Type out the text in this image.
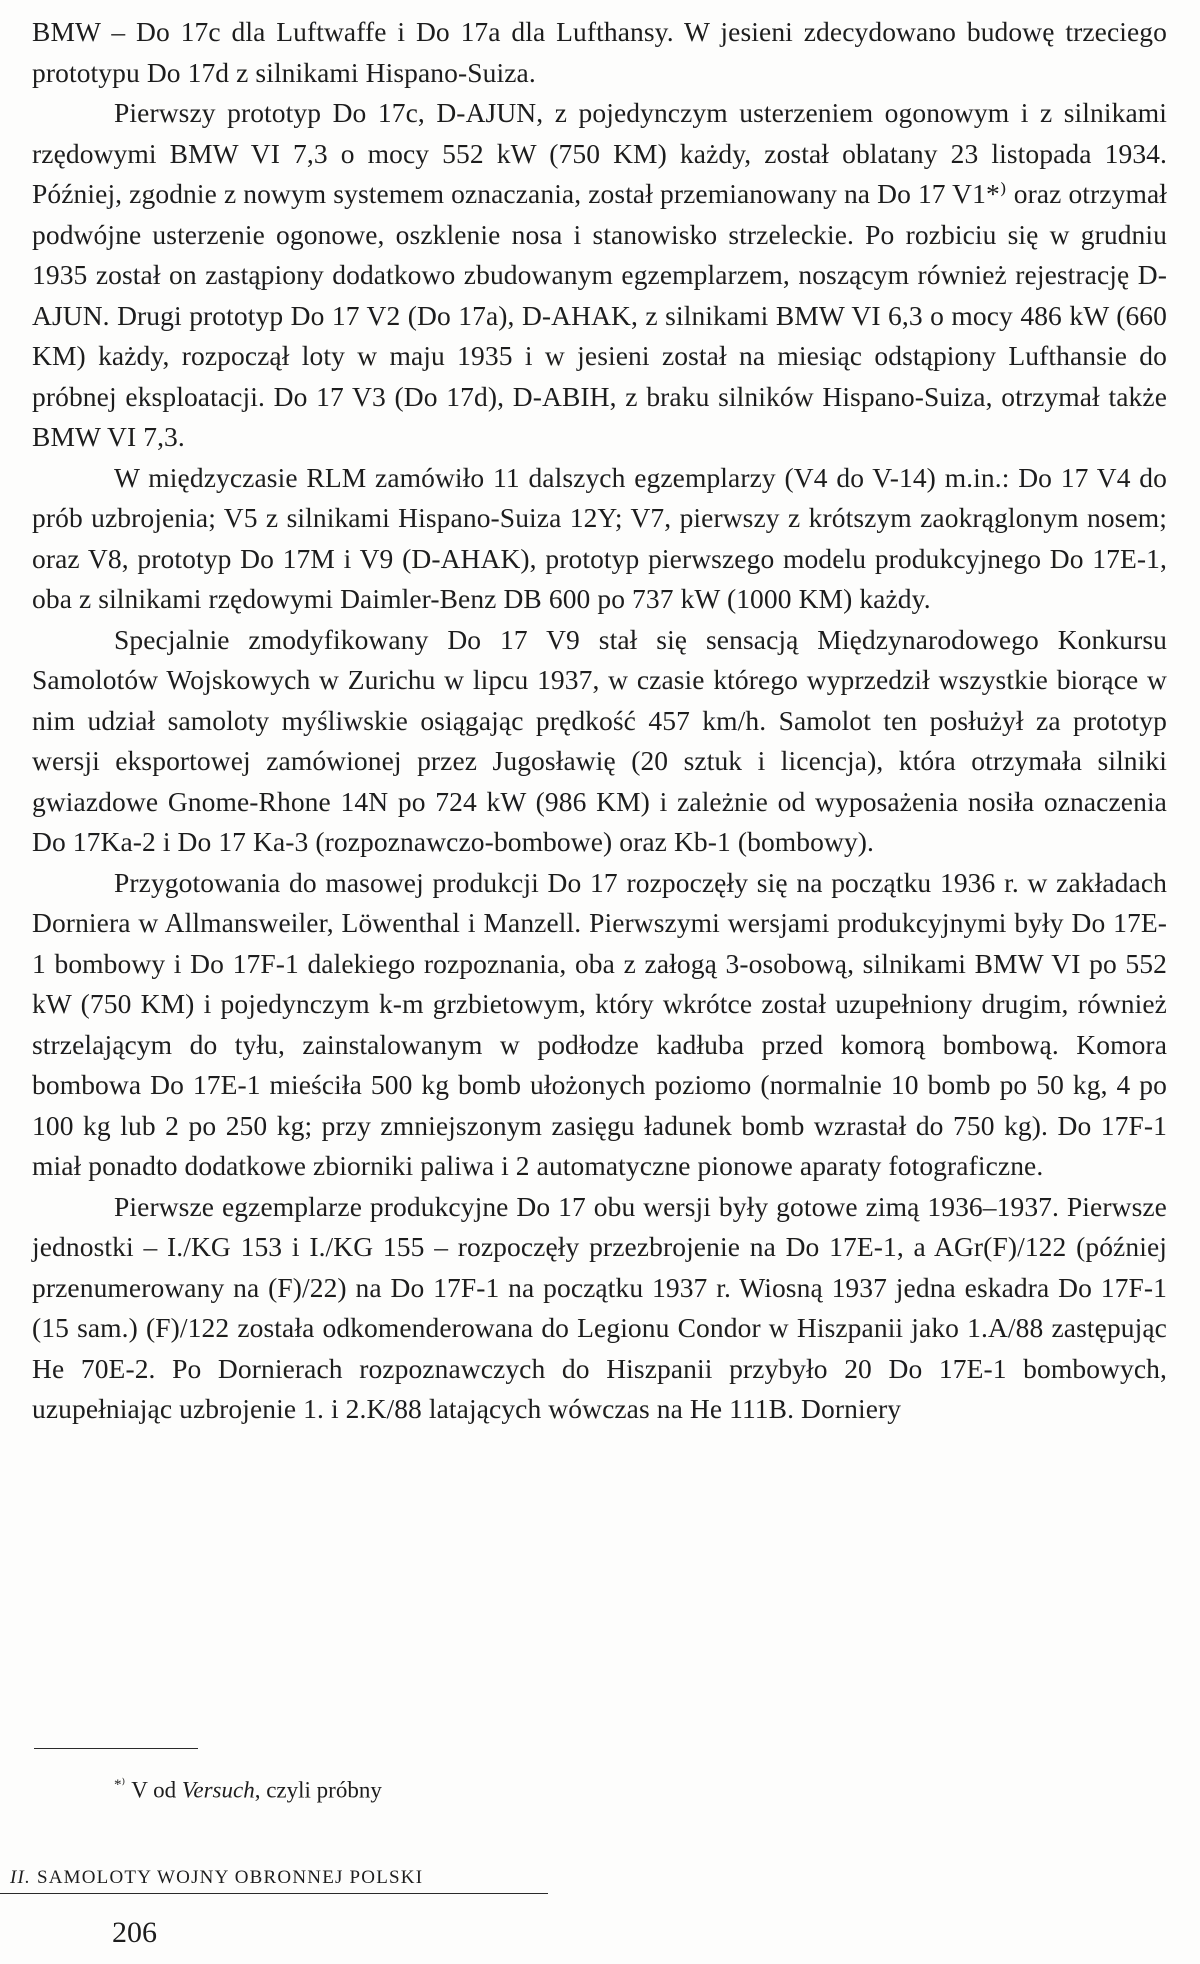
BMW – Do 17c dla Luftwaffe i Do 17a dla Lufthansy. W jesieni zdecydowano budowę trzeciego prototypu Do 17d z silnikami Hispano-Suiza.

Pierwszy prototyp Do 17c, D-AJUN, z pojedynczym usterzeniem ogonowym i z silnikami rzędowymi BMW VI 7,3 o mocy 552 kW (750 KM) każdy, został oblatany 23 listopada 1934. Później, zgodnie z nowym systemem oznaczania, został przemianowany na Do 17 V1*⁾ oraz otrzymał podwójne usterzenie ogonowe, oszklenie nosa i stanowisko strzeleckie. Po rozbiciu się w grudniu 1935 został on zastąpiony dodatkowo zbudowanym egzemplarzem, noszącym również rejestrację D-AJUN. Drugi prototyp Do 17 V2 (Do 17a), D-AHAK, z silnikami BMW VI 6,3 o mocy 486 kW (660 KM) każdy, rozpoczął loty w maju 1935 i w jesieni został na miesiąc odstąpiony Lufthansie do próbnej eksploatacji. Do 17 V3 (Do 17d), D-ABIH, z braku silników Hispano-Suiza, otrzymał także BMW VI 7,3.

W międzyczasie RLM zamówiło 11 dalszych egzemplarzy (V4 do V-14) m.in.: Do 17 V4 do prób uzbrojenia; V5 z silnikami Hispano-Suiza 12Y; V7, pierwszy z krótszym zaokrąglonym nosem; oraz V8, prototyp Do 17M i V9 (D-AHAK), prototyp pierwszego modelu produkcyjnego Do 17E-1, oba z silnikami rzędowymi Daimler-Benz DB 600 po 737 kW (1000 KM) każdy.

Specjalnie zmodyfikowany Do 17 V9 stał się sensacją Międzynarodowego Konkursu Samolotów Wojskowych w Zurichu w lipcu 1937, w czasie którego wyprzedził wszystkie biorące w nim udział samoloty myśliwskie osiągając prędkość 457 km/h. Samolot ten posłużył za prototyp wersji eksportowej zamówionej przez Jugosławię (20 sztuk i licencja), która otrzymała silniki gwiazdowe Gnome-Rhone 14N po 724 kW (986 KM) i zależnie od wyposażenia nosiła oznaczenia Do 17Ka-2 i Do 17 Ka-3 (rozpoznawczo-bombowe) oraz Kb-1 (bombowy).

Przygotowania do masowej produkcji Do 17 rozpoczęły się na początku 1936 r. w zakładach Dorniera w Allmansweiler, Löwenthal i Manzell. Pierwszymi wersjami produkcyjnymi były Do 17E-1 bombowy i Do 17F-1 dalekiego rozpoznania, oba z załogą 3-osobową, silnikami BMW VI po 552 kW (750 KM) i pojedynczym k-m grzbietowym, który wkrótce został uzupełniony drugim, również strzelającym do tyłu, zainstalowanym w podłodze kadłuba przed komorą bombową. Komora bombowa Do 17E-1 mieściła 500 kg bomb ułożonych poziomo (normalnie 10 bomb po 50 kg, 4 po 100 kg lub 2 po 250 kg; przy zmniejszonym zasięgu ładunek bomb wzrastał do 750 kg). Do 17F-1 miał ponadto dodatkowe zbiorniki paliwa i 2 automatyczne pionowe aparaty fotograficzne.

Pierwsze egzemplarze produkcyjne Do 17 obu wersji były gotowe zimą 1936–1937. Pierwsze jednostki – I./KG 153 i I./KG 155 – rozpoczęły przezbrojenie na Do 17E-1, a AGr(F)/122 (później przenumerowany na (F)/22) na Do 17F-1 na początku 1937 r. Wiosną 1937 jedna eskadra Do 17F-1 (15 sam.) (F)/122 została odkomenderowana do Legionu Condor w Hiszpanii jako 1.A/88 zastępując He 70E-2. Po Dornierach rozpoznawczych do Hiszpanii przybyło 20 Do 17E-1 bombowych, uzupełniając uzbrojenie 1. i 2.K/88 latających wówczas na He 111B. Dorniery

*⁾ V od Versuch, czyli próbny
II. SAMOLOTY WOJNY OBRONNEJ POLSKI
206
